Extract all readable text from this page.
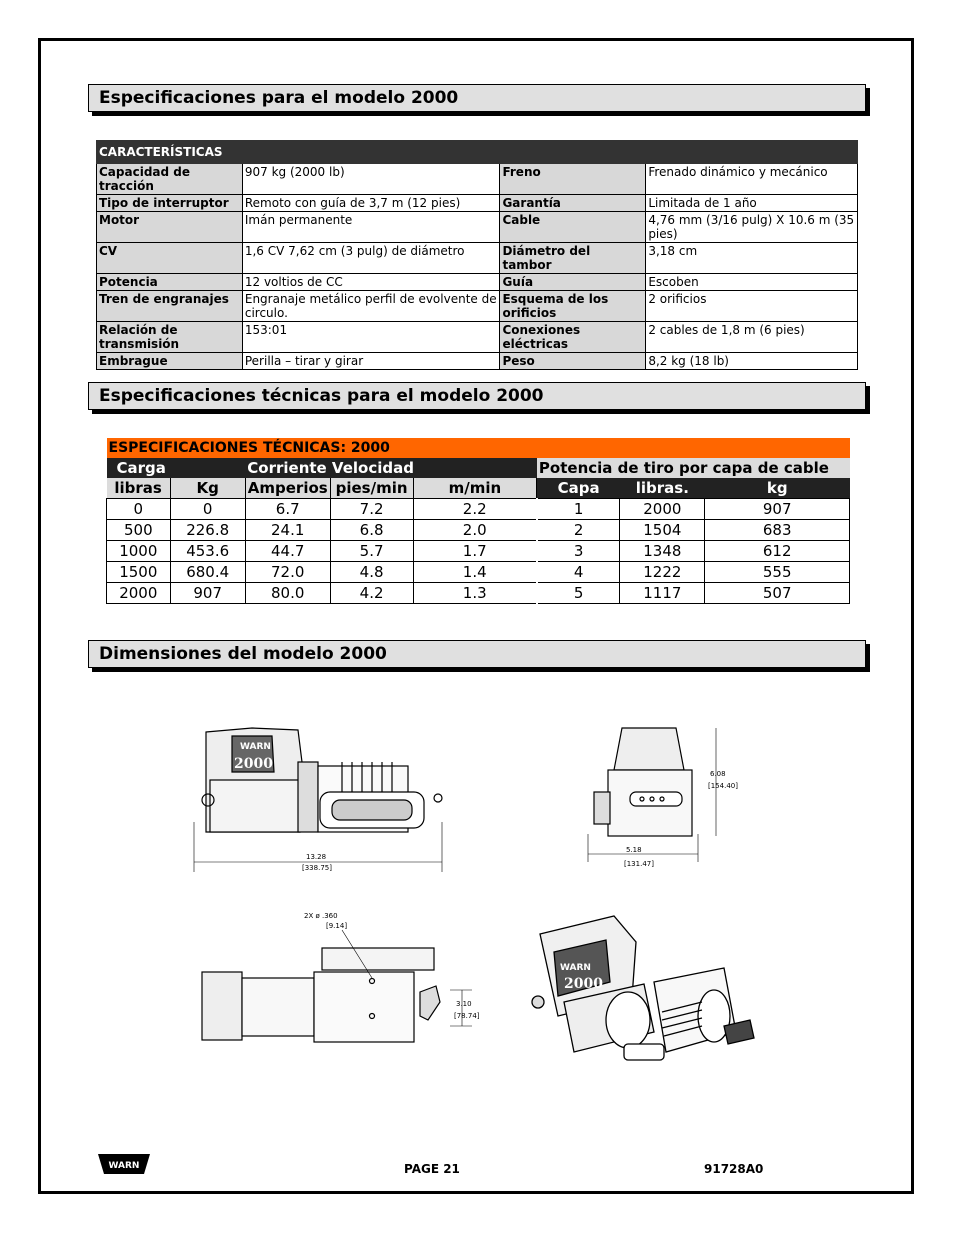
Especificaciones para el modelo 2000
CARACTERÍSTICAS			
Capacidad de tracción	907 kg (2000 lb)	Freno	Frenado dinámico y mecánico
Tipo de interruptor	Remoto con guía de 3,7 m (12 pies)	Garantía	Limitada de 1 año
Motor	Imán permanente	Cable	4,76 mm (3/16 pulg) X 10.6 m (35 pies)
CV	1,6 CV 7,62 cm (3 pulg) de diámetro	Diámetro del tambor	3,18 cm
Potencia	12 voltios de CC	Guía	Escoben
Tren de engranajes	Engranaje metálico perfil de evolvente de circulo.	Esquema de los orificios	2 orificios
Relación de transmisión	153:01	Conexiones eléctricas	2 cables de 1,8 m (6 pies)
Embrague	Perilla – tirar y girar	Peso	8,2 kg (18 lb)
Especificaciones técnicas para el modelo 2000
ESPECIFICACIONES TÉCNICAS: 2000							
Carga		Corriente Velocidad			Potencia de tiro por capa de cable		
libras	Kg	Amperios	pies/min	m/min	Capa	libras.	kg
0	0	6.7	7.2	2.2	1	2000	907
500	226.8	24.1	6.8	2.0	2	1504	683
1000	453.6	44.7	5.7	1.7	3	1348	612
1500	680.4	72.0	4.8	1.4	4	1222	555
2000	907	80.0	4.2	1.3	5	1117	507
Dimensiones del modelo 2000
WARN
2000
13.28
[338.75]
5.18
[131.47]
6.08
[154.40]
2X ø .360
[9.14]
3.10
[78.74]
WARN
2000
WARN	PAGE 21	91728A0
